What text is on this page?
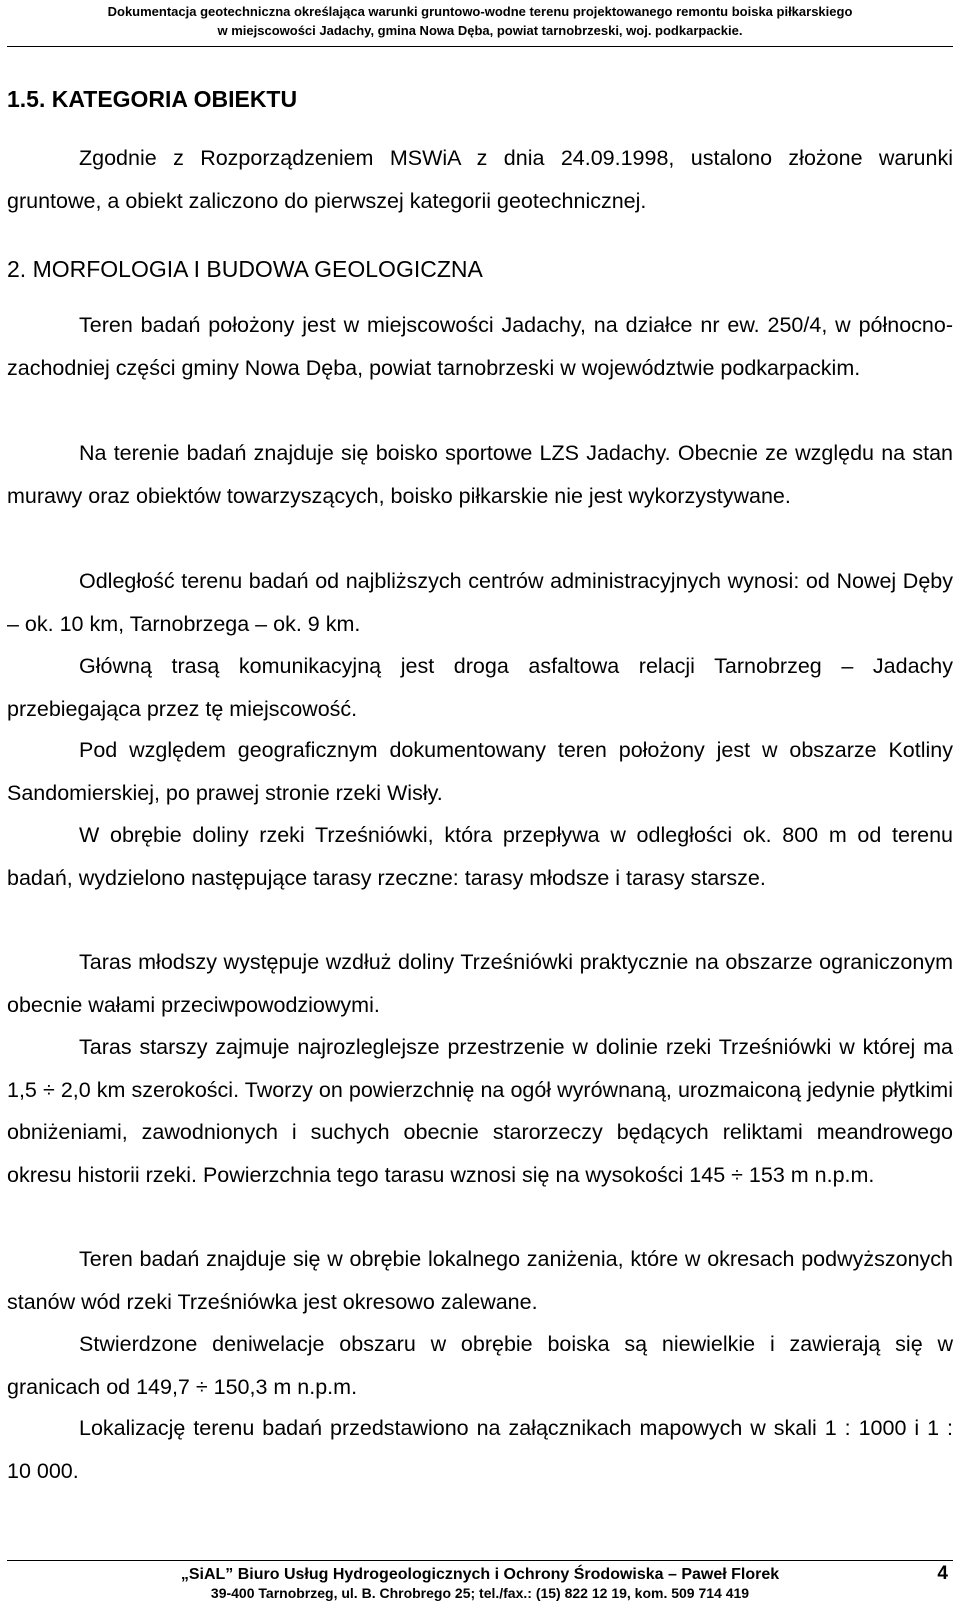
Dokumentacja geotechniczna określająca warunki gruntowo-wodne terenu projektowanego remontu boiska piłkarskiego
w miejscowości Jadachy, gmina Nowa Dęba, powiat tarnobrzeski, woj. podkarpackie.
1.5. KATEGORIA OBIEKTU
Zgodnie z Rozporządzeniem MSWiA z dnia 24.09.1998, ustalono złożone warunki gruntowe, a obiekt zaliczono do pierwszej kategorii geotechnicznej.
2. MORFOLOGIA I BUDOWA GEOLOGICZNA
Teren badań położony jest w miejscowości Jadachy, na działce nr ew. 250/4, w północno-zachodniej części gminy Nowa Dęba, powiat tarnobrzeski w województwie podkarpackim.
Na terenie badań znajduje się boisko sportowe LZS Jadachy. Obecnie ze względu na stan murawy oraz obiektów towarzyszących, boisko piłkarskie nie jest wykorzystywane.
Odległość terenu badań od najbliższych centrów administracyjnych wynosi: od Nowej Dęby – ok. 10 km, Tarnobrzega – ok. 9 km.
Główną trasą komunikacyjną jest droga asfaltowa relacji Tarnobrzeg – Jadachy przebiegająca przez tę miejscowość.
Pod względem geograficznym dokumentowany teren położony jest w obszarze Kotliny Sandomierskiej, po prawej stronie rzeki Wisły.
W obrębie doliny rzeki Trześniówki, która przepływa w odległości ok. 800 m od terenu badań, wydzielono następujące tarasy rzeczne: tarasy młodsze i tarasy starsze.
Taras młodszy występuje wzdłuż doliny Trześniówki praktycznie na obszarze ograniczonym obecnie wałami przeciwpowodziowymi.
Taras starszy zajmuje najrozleglejsze przestrzenie w dolinie rzeki Trześniówki w której ma 1,5 ÷ 2,0 km szerokości. Tworzy on powierzchnię na ogół wyrównaną, urozmaiconą jedynie płytkimi obniżeniami, zawodnionych i suchych obecnie starorzeczy będących reliktami meandrowego okresu historii rzeki. Powierzchnia tego tarasu wznosi się na wysokości 145 ÷ 153 m n.p.m.
Teren badań znajduje się w obrębie lokalnego zaniżenia, które w okresach podwyższonych stanów wód rzeki Trześniówka jest okresowo zalewane.
Stwierdzone deniwelacje obszaru w obrębie boiska są niewielkie i zawierają się w granicach od 149,7 ÷ 150,3 m n.p.m.
Lokalizację terenu badań przedstawiono na załącznikach mapowych w skali 1 : 1000 i 1 : 10 000.
„SiAL” Biuro Usług Hydrogeologicznych i Ochrony Środowiska – Paweł Florek
39-400 Tarnobrzeg, ul. B. Chrobrego 25; tel./fax.: (15) 822 12 19, kom. 509 714 419
4
